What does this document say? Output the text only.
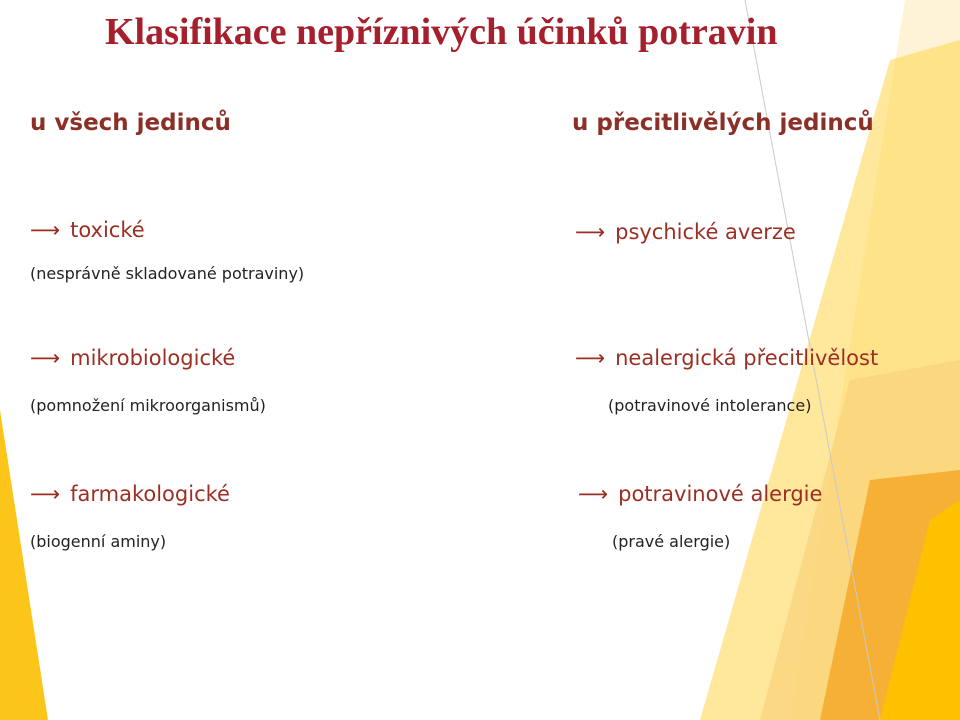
Klasifikace nepříznivých účinků potravin
u všech jedinců	u přecitlivělých jedinců
⟶ toxické
(nesprávně skladované potraviny)
⟶ mikrobiologické
(pomnožení mikroorganismů)
⟶ farmakologické
(biogenní aminy)
⟶ psychické averze
⟶ nealergická přecitlivělost
(potravinové intolerance)
⟶ potravinové alergie
(pravé alergie)
